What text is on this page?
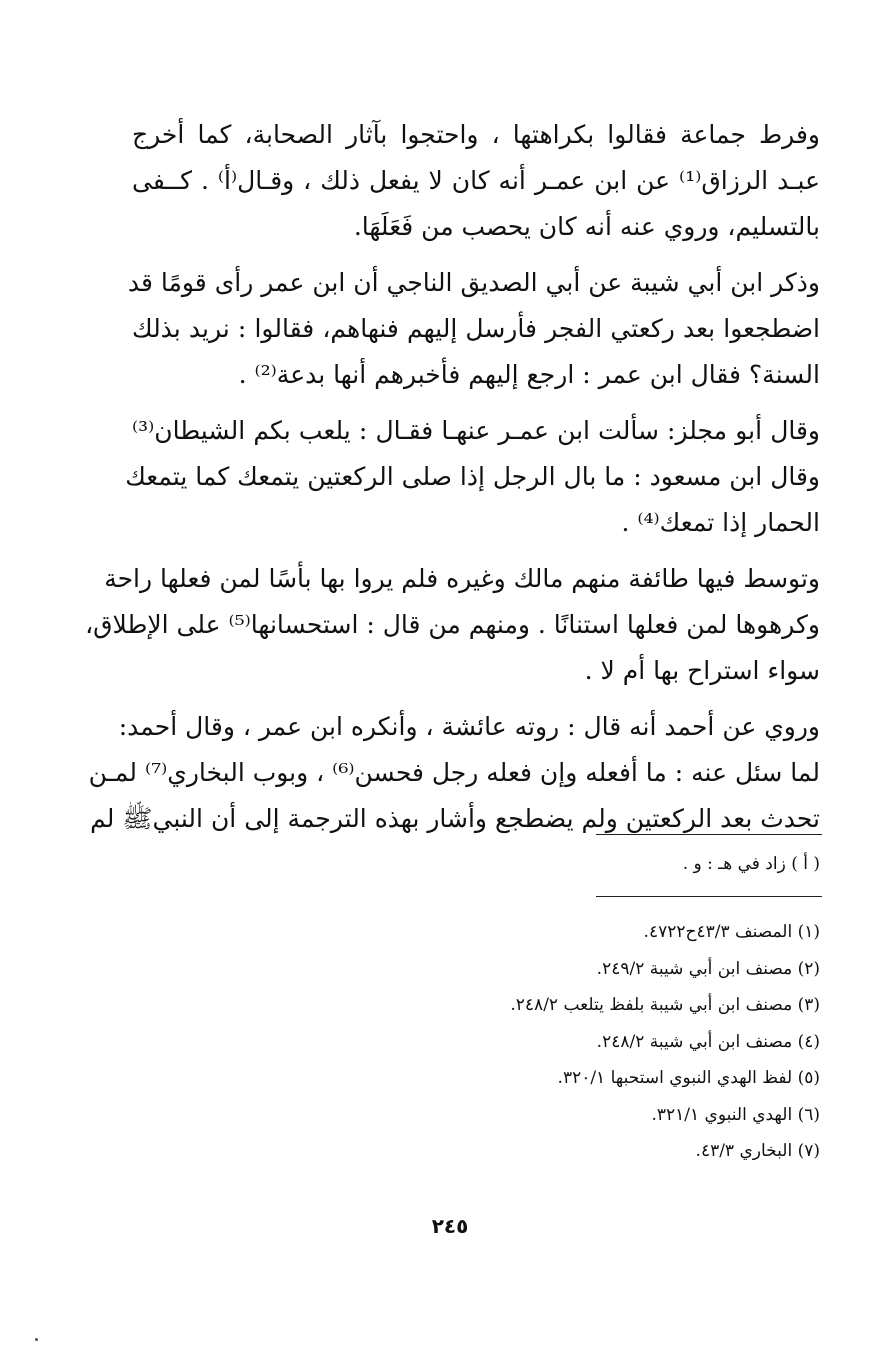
وفرط جماعة فقالوا بكراهتها ، واحتجوا بآثار الصحابة، كما أخرج
عبـد الرزاق⁽¹⁾ عن ابن عمـر أنه كان لا يفعل ذلك ، وقـال⁽أ⁾ . كــفى
بالتسليم، وروي عنه أنه كان يحصب من فَعَلَهَا.
وذكر ابن أبي شيبة عن أبي الصديق الناجي أن ابن عمر رأى قومًا قد
اضطجعوا بعد ركعتي الفجر فأرسل إليهم فنهاهم، فقالوا : نريد بذلك
السنة؟ فقال ابن عمر : ارجع إليهم فأخبرهم أنها بدعة⁽²⁾ .
وقال أبو مجلز: سألت ابن عمـر عنهـا فقـال : يلعب بكم الشيطان⁽³⁾
وقال ابن مسعود : ما بال الرجل إذا صلى الركعتين يتمعك كما يتمعك
الحمار إذا تمعك⁽⁴⁾ .
وتوسط فيها طائفة منهم مالك وغيره فلم يروا بها بأسًا لمن فعلها راحة
وكرهوها لمن فعلها استنانًا . ومنهم من قال : استحسانها⁽⁵⁾ على الإطلاق،
سواء استراح بها أم لا .
وروي عن أحمد أنه قال : روته عائشة ، وأنكره ابن عمر ، وقال أحمد:
لما سئل عنه : ما أفعله وإن فعله رجل فحسن⁽⁶⁾ ، وبوب البخاري⁽⁷⁾ لمـن
تحدث بعد الركعتين ولم يضطجع وأشار بهذه الترجمة إلى أن النبيﷺ لم
( أ ) زاد في هـ : و .
(١) المصنف ٤٣/٣ح٤٧٢٢.
(٢) مصنف ابن أبي شيبة ٢٤٩/٢.
(٣) مصنف ابن أبي شيبة بلفظ يتلعب ٢٤٨/٢.
(٤) مصنف ابن أبي شيبة ٢٤٨/٢.
(٥) لفظ الهدي النبوي استحبها ٣٢٠/١.
(٦) الهدي النبوي ٣٢١/١.
(٧) البخاري ٤٣/٣.
٢٤٥
